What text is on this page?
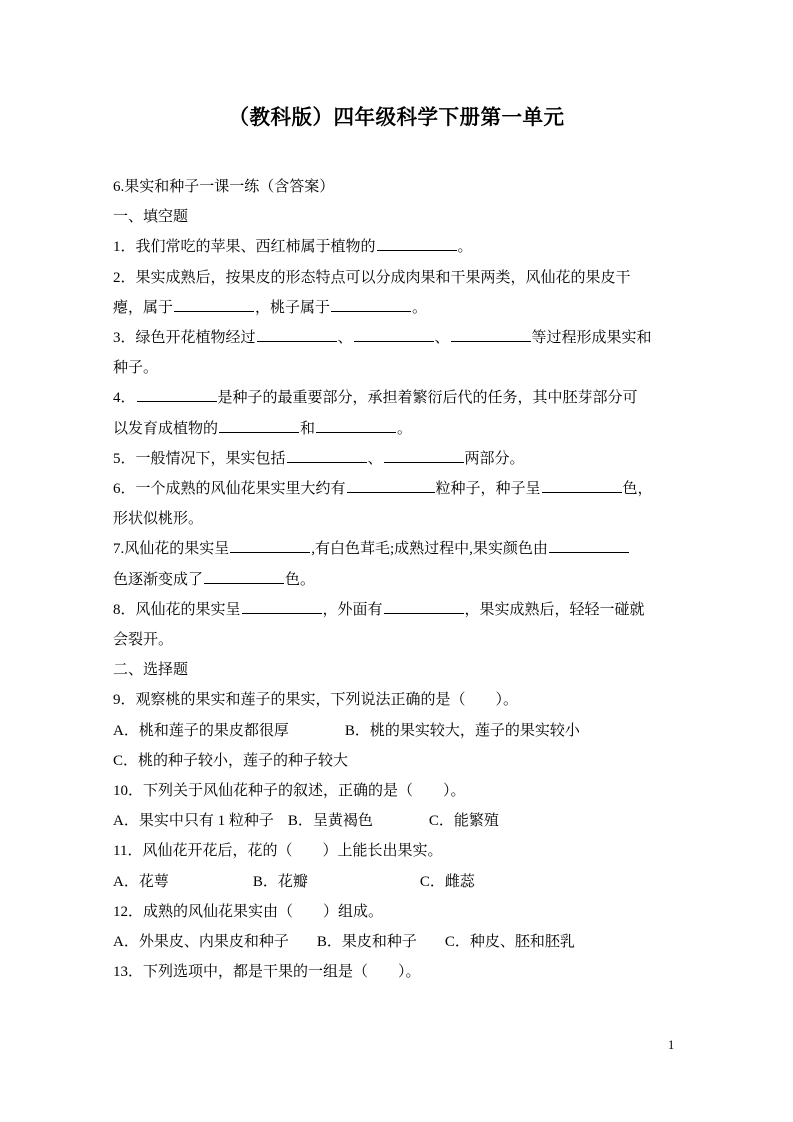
（教科版）四年级科学下册第一单元
6.果实和种子一课一练（含答案）
一、填空题
1．我们常吃的苹果、西红柿属于植物的	。
2．果实成熟后，按果皮的形态特点可以分成肉果和干果两类，风仙花的果皮干
瘪，属于	，桃子属于	。
3．绿色开花植物经过	、	、	等过程形成果实和
种子。
4．	是种子的最重要部分，承担着繁衍后代的任务，其中胚芽部分可
以发育成植物的	和	。
5．一般情况下，果实包括	、	两部分。
6．一个成熟的风仙花果实里大约有	粒种子，种子呈	色，
形状似桃形。
7.风仙花的果实呈	,有白色茸毛;成熟过程中,果实颜色由
色逐渐变成了	色。
8．风仙花的果实呈	，外面有	，果实成熟后，轻轻一碰就
会裂开。
二、选择题
9．观察桃的果实和莲子的果实，下列说法正确的是（　　）。
A．桃和莲子的果皮都很厚	B．桃的果实较大，莲子的果实较小
C．桃的种子较小，莲子的种子较大
10．下列关于风仙花种子的叙述，正确的是（　　）。
A．果实中只有 1 粒种子 B．呈黄褐色	C．能繁殖
11．风仙花开花后，花的（　　）上能长出果实。
A．花萼	B．花瓣	C．雌蕊
12．成熟的风仙花果实由（　　）组成。
A．外果皮、内果皮和种子 B．果皮和种子 C．种皮、胚和胚乳
13．下列选项中，都是干果的一组是（　　）。
1
